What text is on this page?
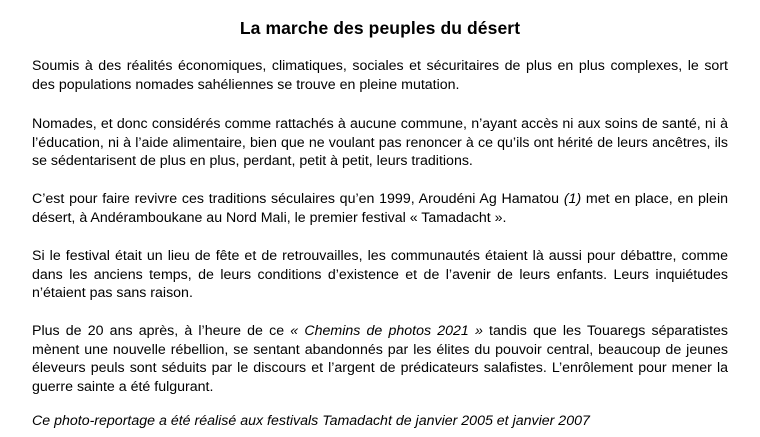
La marche des peuples du désert

Soumis à des réalités économiques, climatiques, sociales et sécuritaires de plus en plus complexes, le sort des populations nomades sahéliennes se trouve en pleine mutation.

Nomades, et donc considérés comme rattachés à aucune commune, n’ayant accès ni aux soins de santé, ni à l’éducation, ni à l’aide alimentaire, bien que ne voulant pas renoncer à ce qu’ils ont hérité de leurs ancêtres, ils se sédentarisent de plus en plus, perdant, petit à petit, leurs traditions.

C’est pour faire revivre ces traditions séculaires qu’en 1999, Aroudéni Ag Hamatou (1) met en place, en plein désert, à Andéramboukane au Nord Mali, le premier festival « Tamadacht ».

Si le festival était un lieu de fête et de retrouvailles, les communautés étaient là aussi pour débattre, comme dans les anciens temps, de leurs conditions d’existence et de l’avenir de leurs enfants. Leurs inquiétudes n’étaient pas sans raison.

Plus de 20 ans après, à l’heure de ce « Chemins de photos 2021 » tandis que les Touaregs séparatistes mènent une nouvelle rébellion, se sentant abandonnés par les élites du pouvoir central, beaucoup de jeunes éleveurs peuls sont séduits par le discours et l’argent de prédicateurs salafistes. L’enrôlement pour mener la guerre sainte a été fulgurant.

Ce photo-reportage a été réalisé aux festivals Tamadacht de janvier 2005 et janvier 2007
